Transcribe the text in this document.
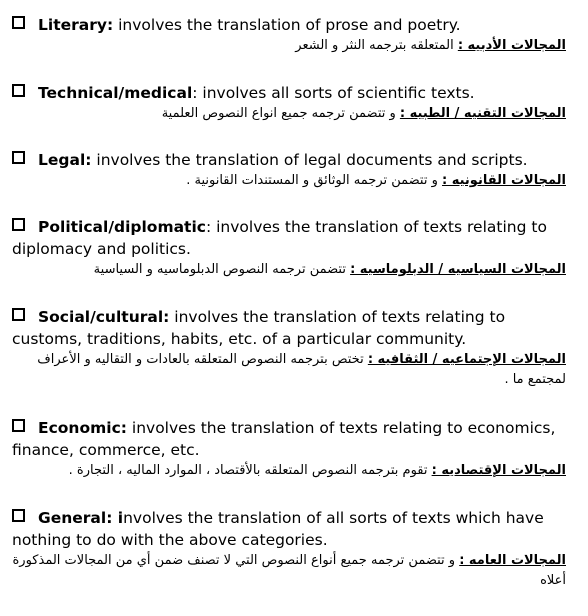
Literary: involves the translation of prose and poetry.
المجالات الأدبيه : المتعلقه بترجمه النثر و الشعر
Technical/medical: involves all sorts of scientific texts.
المجالات التقنيه / الطبيه : و تتضمن ترجمه جميع انواع النصوص العلمية
Legal: involves the translation of legal documents and scripts.
المجالات القانونيه : و تتضمن ترجمه الوثائق و المستندات القانونية .
Political/diplomatic: involves the translation of texts relating to diplomacy and politics.
المجالات السياسيه / الدبلوماسيه : تتضمن ترجمه النصوص الدبلوماسيه و السياسية
Social/cultural: involves the translation of texts relating to customs, traditions, habits, etc. of a particular community.
المجالات الإجتماعيه / الثقافيه : تختص بترجمه النصوص المتعلقه بالعادات و التقاليه و الأعراف لمجتمع ما .
Economic: involves the translation of texts relating to economics, finance, commerce, etc.
المجالات الإقتصاديه : تقوم بترجمه النصوص المتعلقه بالأقتصاد ، الموارد الماليه ، التجارة .
General: involves the translation of all sorts of texts which have nothing to do with the above categories.
المجالات العامه : و تتضمن ترجمه جميع أنواع النصوص التي لا تصنف ضمن أي من المجالات المذكورة أعلاه
